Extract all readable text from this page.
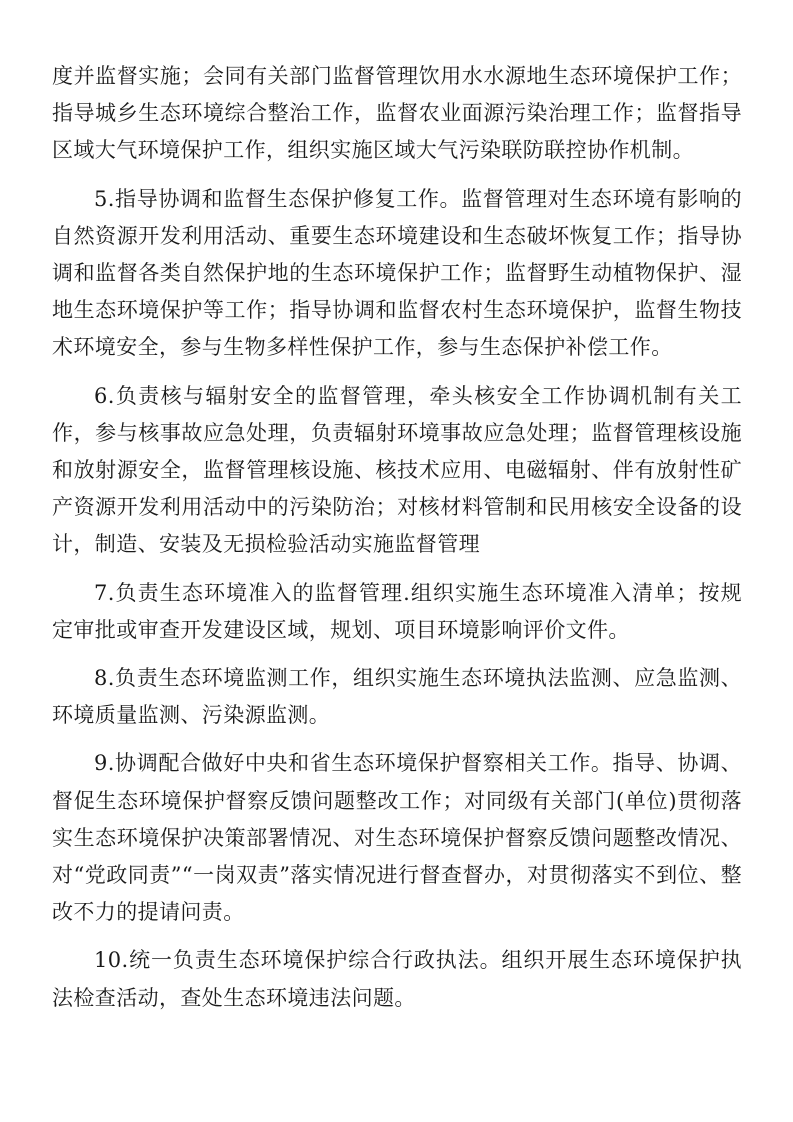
度并监督实施；会同有关部门监督管理饮用水水源地生态环境保护工作；指导城乡生态环境综合整治工作，监督农业面源污染治理工作；监督指导区域大气环境保护工作，组织实施区域大气污染联防联控协作机制。

5.指导协调和监督生态保护修复工作。监督管理对生态环境有影响的自然资源开发利用活动、重要生态环境建设和生态破坏恢复工作；指导协调和监督各类自然保护地的生态环境保护工作；监督野生动植物保护、湿地生态环境保护等工作；指导协调和监督农村生态环境保护，监督生物技术环境安全，参与生物多样性保护工作，参与生态保护补偿工作。

6.负责核与辐射安全的监督管理，牵头核安全工作协调机制有关工作，参与核事故应急处理，负责辐射环境事故应急处理；监督管理核设施和放射源安全，监督管理核设施、核技术应用、电磁辐射、伴有放射性矿产资源开发利用活动中的污染防治；对核材料管制和民用核安全设备的设计，制造、安装及无损检验活动实施监督管理

7.负责生态环境准入的监督管理.组织实施生态环境准入清单；按规定审批或审查开发建设区域，规划、项目环境影响评价文件。

8.负责生态环境监测工作，组织实施生态环境执法监测、应急监测、环境质量监测、污染源监测。

9.协调配合做好中央和省生态环境保护督察相关工作。指导、协调、督促生态环境保护督察反馈问题整改工作；对同级有关部门(单位)贯彻落实生态环境保护决策部署情况、对生态环境保护督察反馈问题整改情况、对“党政同责”“一岗双责”落实情况进行督查督办，对贯彻落实不到位、整改不力的提请问责。

10.统一负责生态环境保护综合行政执法。组织开展生态环境保护执法检查活动，查处生态环境违法问题。
